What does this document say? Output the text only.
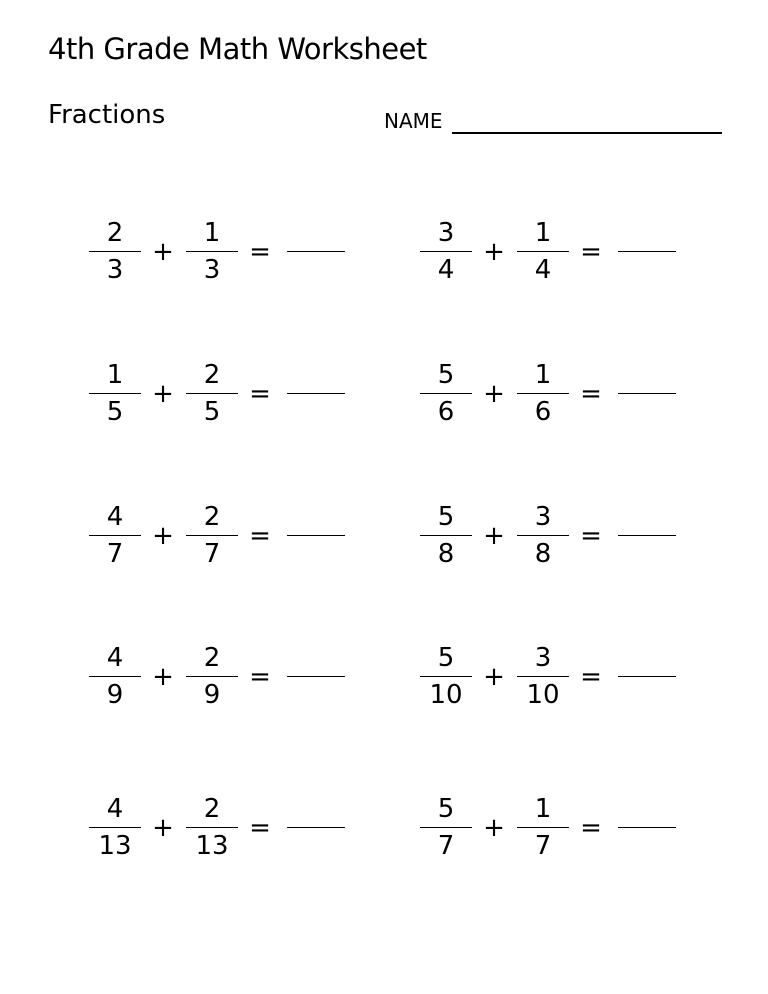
4th Grade Math Worksheet
Fractions	NAME
2
3
+
1
3
=
3
4
+
1
4
=
1
5
+
2
5
=
5
6
+
1
6
=
4
7
+
2
7
=
5
8
+
3
8
=
4
9
+
2
9
=
5
10
+
3
10
=
4
13
+
2
13
=
5
7
+
1
7
=
